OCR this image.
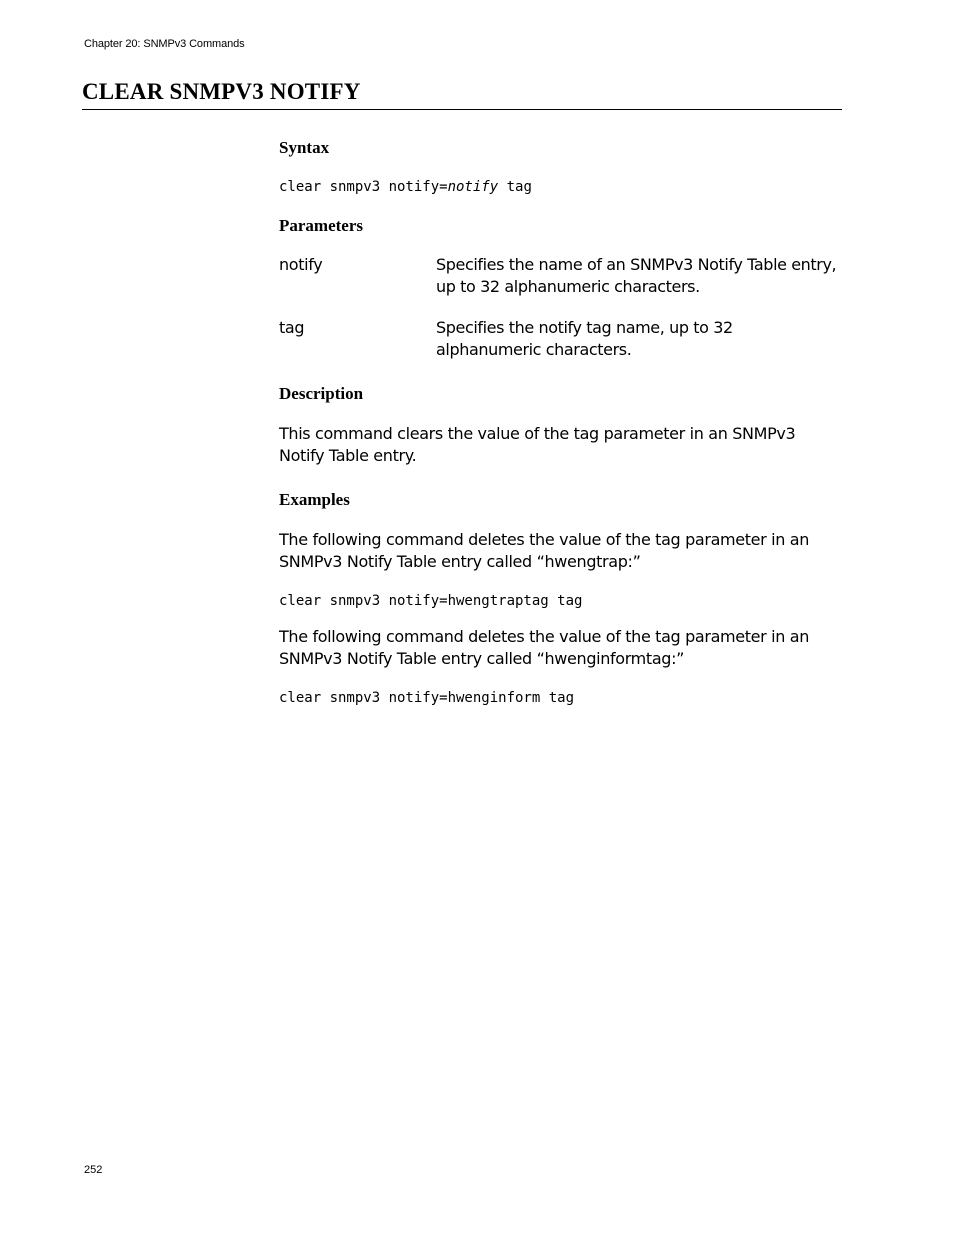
Chapter 20: SNMPv3 Commands
CLEAR SNMPV3 NOTIFY
Syntax

clear snmpv3 notify=notify tag

Parameters

notify	Specifies the name of an SNMPv3 Notify Table entry, up to 32 alphanumeric characters.

tag	Specifies the notify tag name, up to 32 alphanumeric characters.

Description

This command clears the value of the tag parameter in an SNMPv3 Notify Table entry.

Examples

The following command deletes the value of the tag parameter in an SNMPv3 Notify Table entry called “hwengtrap:”

clear snmpv3 notify=hwengtraptag tag

The following command deletes the value of the tag parameter in an SNMPv3 Notify Table entry called “hwenginformtag:”

clear snmpv3 notify=hwenginform tag

252
